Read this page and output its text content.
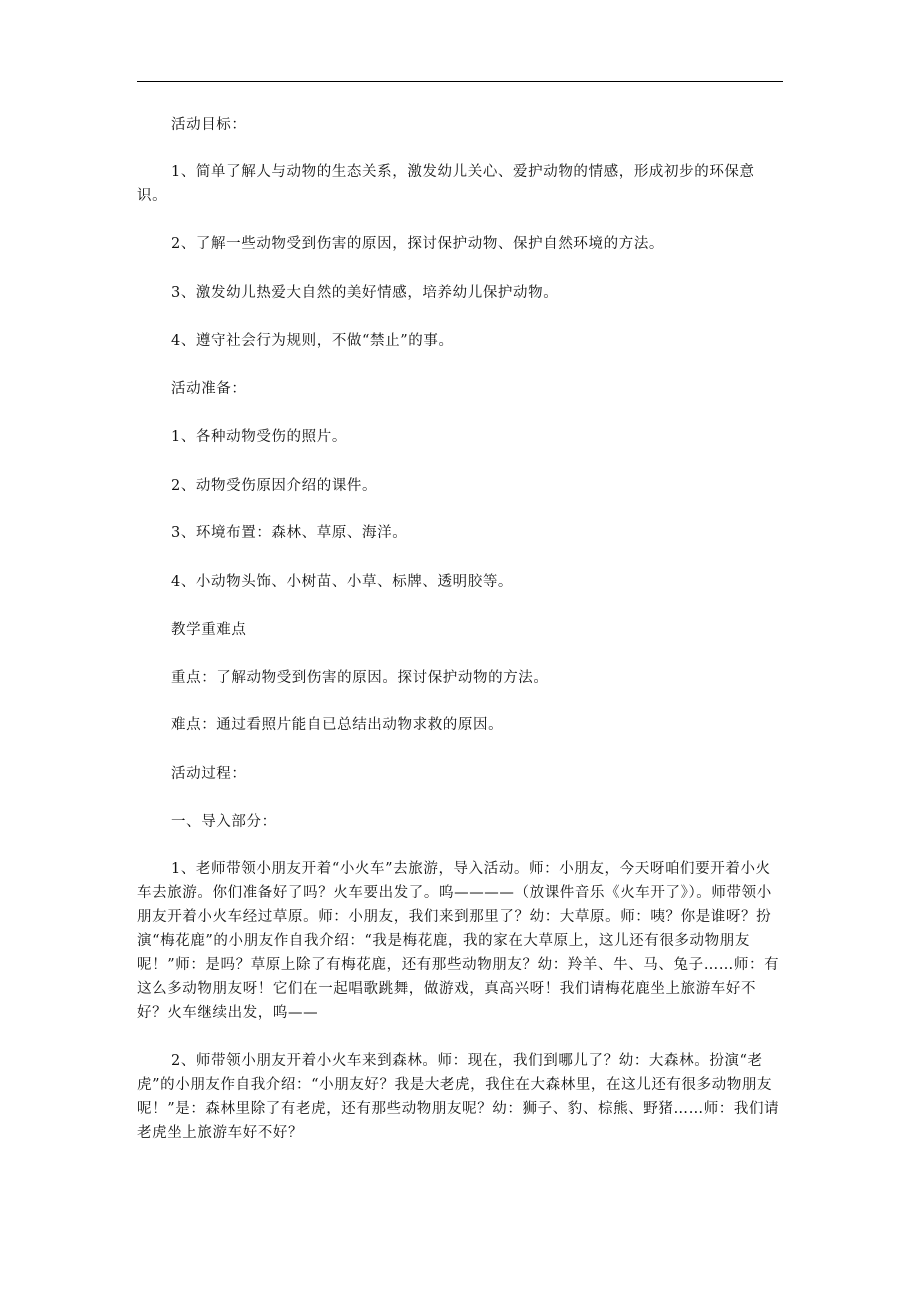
活动目标：
1、简单了解人与动物的生态关系，激发幼儿关心、爱护动物的情感，形成初步的环保意识。
2、了解一些动物受到伤害的原因，探讨保护动物、保护自然环境的方法。
3、激发幼儿热爱大自然的美好情感，培养幼儿保护动物。
4、遵守社会行为规则，不做“禁止”的事。
活动准备：
1、各种动物受伤的照片。
2、动物受伤原因介绍的课件。
3、环境布置：森林、草原、海洋。
4、小动物头饰、小树苗、小草、标牌、透明胶等。
教学重难点
重点：了解动物受到伤害的原因。探讨保护动物的方法。
难点：通过看照片能自已总结出动物求救的原因。
活动过程：
一、导入部分：
1、老师带领小朋友开着“小火车”去旅游，导入活动。师：小朋友，今天呀咱们要开着小火车去旅游。你们准备好了吗？火车要出发了。呜————（放课件音乐《火车开了》）。师带领小朋友开着小火车经过草原。师：小朋友，我们来到那里了？幼：大草原。师：咦？你是谁呀？扮演“梅花鹿”的小朋友作自我介绍：“我是梅花鹿，我的家在大草原上，这儿还有很多动物朋友呢！”师：是吗？草原上除了有梅花鹿，还有那些动物朋友？幼：羚羊、牛、马、兔子……师：有这么多动物朋友呀！它们在一起唱歌跳舞，做游戏，真高兴呀！我们请梅花鹿坐上旅游车好不好？火车继续出发，呜——
2、师带领小朋友开着小火车来到森林。师：现在，我们到哪儿了？幼：大森林。扮演“老虎”的小朋友作自我介绍：“小朋友好？我是大老虎，我住在大森林里，在这儿还有很多动物朋友呢！”是：森林里除了有老虎，还有那些动物朋友呢？幼：狮子、豹、棕熊、野猪……师：我们请老虎坐上旅游车好不好？
